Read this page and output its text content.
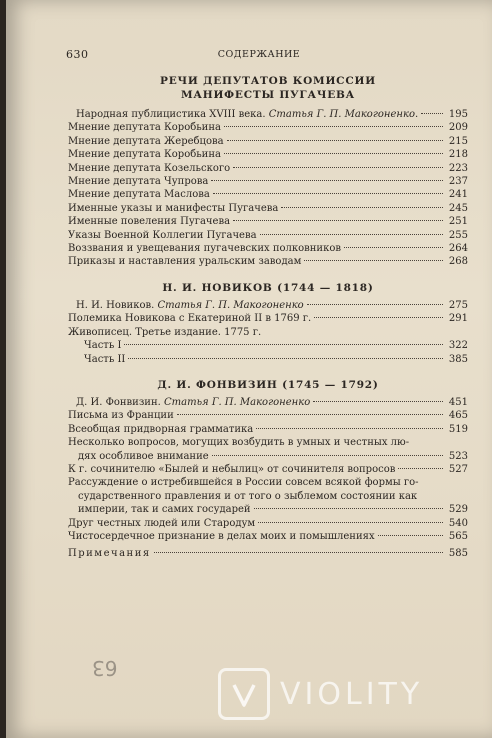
630	СОДЕРЖАНИЕ
РЕЧИ ДЕПУТАТОВ КОМИССИИ
МАНИФЕСТЫ ПУГАЧЕВА
Народная публицистика XVIII века. Статья Г. П. Макогоненко.	195
Мнение депутата Коробьина	209
Мнение депутата Жеребцова	215
Мнение депутата Коробьина	218
Мнение депутата Козельского	223
Мнение депутата Чупрова	237
Мнение депутата Маслова	241
Именные указы и манифесты Пугачева	245
Именные повеления Пугачева	251
Указы Военной Коллегии Пугачева	255
Воззвания и увещевания пугачевских полковников	264
Приказы и наставления уральским заводам	268
Н. И. НОВИКОВ (1744 — 1818)
Н. И. Новиков. Статья Г. П. Макогоненко	275
Полемика Новикова с Екатериной II в 1769 г.	291
Живописец. Третье издание. 1775 г.
Часть I	322
Часть II	385
Д. И. ФОНВИЗИН (1745 — 1792)
Д. И. Фонвизин. Статья Г. П. Макогоненко	451
Письма из Франции	465
Всеобщая придворная грамматика	519
Несколько вопросов, могущих возбудить в умных и честных лю-
дях особливое внимание	523
К г. сочинителю «Былей и небылиц» от сочинителя вопросов	527
Рассуждение о истребившейся в России совсем всякой формы го-
сударственного правления и от того о зыблемом состоянии как
империи, так и самих государей	529
Друг честных людей или Стародум	540
Чистосердечное признание в делах моих и помышлениях	565
Примечания	585
63
VIOLITY
